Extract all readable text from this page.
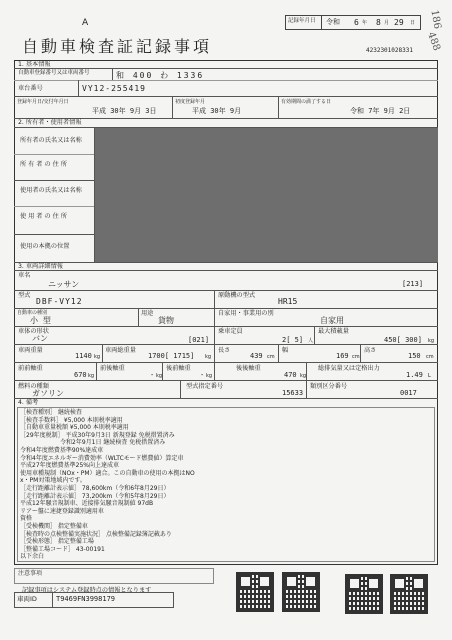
A	186
488
記録年月日 令和 6 年 8 月 29 日
自動車検査証記録事項	4232301028331
1. 基本情報
自動車登録番号又は車両番号	和 400 わ 1336
車台番号	VY12-255419
登録年月日/交付年月日
平成 30年 9月 3日
初度登録年月
平成 30年 9月
有効期間の満了する日
令和 7年 9月 2日
2. 所有者・使用者情報
所有者の氏名又は名称
所 有 者 の 住 所
使用者の氏名又は名称
使 用 者 の 住 所
使用の本拠の位置
3. 車両詳細情報
車名
ニッサン	[213]
型式
DBF-VY12
原動機の型式
HR15
自動車の種別
小 型
用途
貨物
自家用・事業用の別
自家用
車体の形状
バン	[021]
乗車定員
2[ 5] 人
最大積載量
450[ 300] kg
車両重量
1140 kg
車両総重量
1700[ 1715] kg
長さ
439 cm
幅
169 cm
高さ
150 cm
前前軸重
670 kg
前後軸重
- kg
後前軸重
- kg
後後軸重
470 kg
総排気量又は定格出力
1.49 L
燃料の種類
ガソリン
型式指定番号
15633
類別区分番号
0017
4. 備考
［検査種別］ 継続検査
［検査手数料］ ¥5,000 本則税率適用
［自動車重量税額 ¥5,000 本則税率適用
［29年度税制］ 平成30年9月3日 新規登録 免税措置済み
令和2年9月1日 継続検査 免税措置済み
令和4年度燃費基準90%達成車
令和4年度エネルギー消費効率（WLTCモード燃費値）算定車
平成27年度燃費基準25%向上達成車
使用車種規制（NOx・PM）適合。この自動車の使用の本拠はNO
x・PM対策地域内です。
［走行距離計表示値］ 78,600km（令和6年8月29日）
［走行距離計表示値］ 73,200km（令和5年8月29日）
平成12年騒音規制車、近接排気騒音規制値 97dB
リアー盤に速捷登録識別適用車
資格
［受検機関］ 指定整備車
［検査時の点検整備実施状況］ 点検整備記録簿記載あり
［受検形態］ 指定整備工場
［整備工場コード］ 43-00191
以下余白
注意事項
記録事項はシステム登録時点の情報となります
車両ID	T9469FN3998179
